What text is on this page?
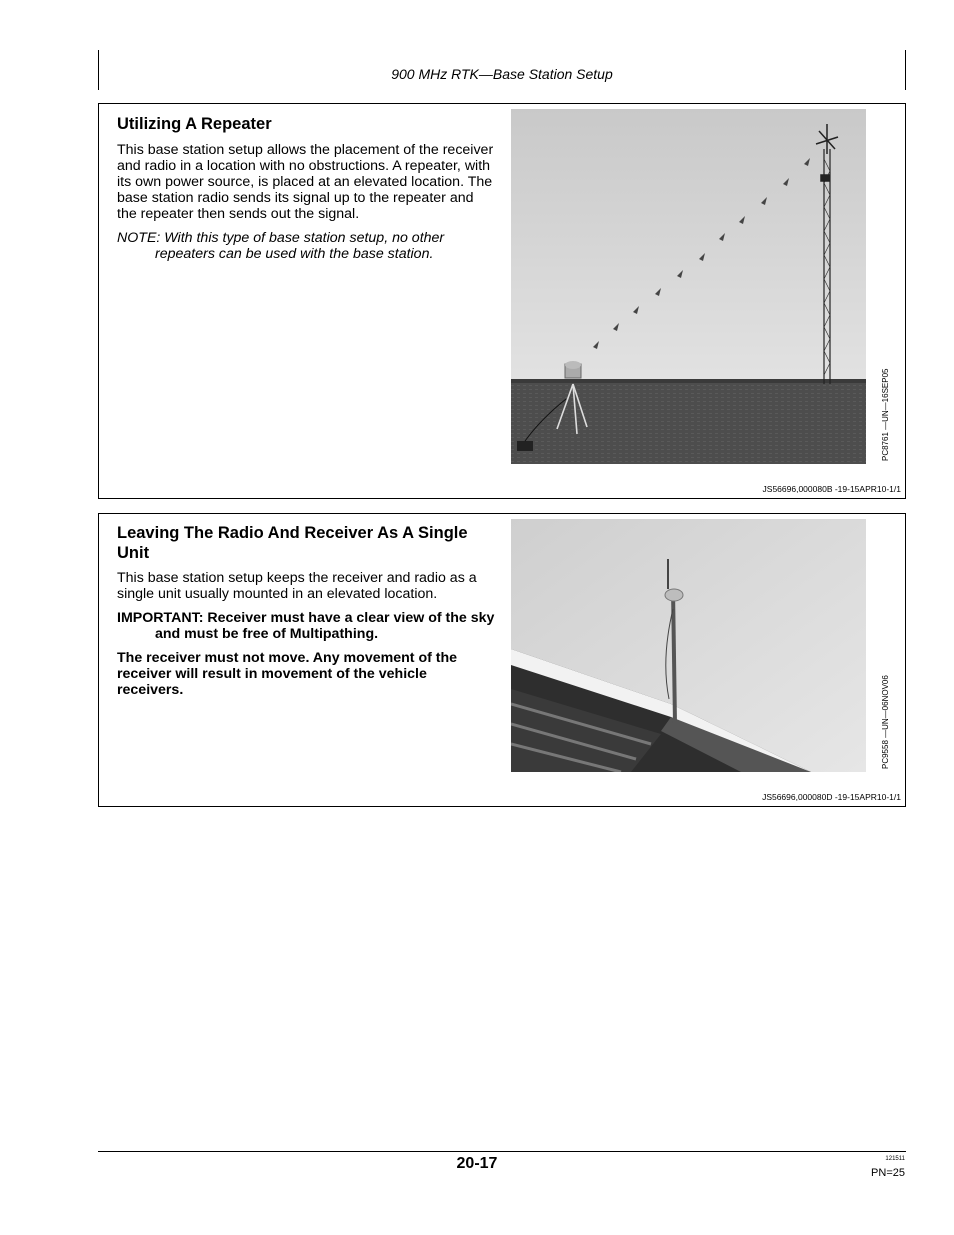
900 MHz RTK—Base Station Setup
Utilizing A Repeater

This base station setup allows the placement of the receiver and radio in a location with no obstructions. A repeater, with its own power source, is placed at an elevated location. The base station radio sends its signal up to the repeater and the repeater then sends out the signal.

NOTE: With this type of base station setup, no other repeaters can be used with the base station.

PC8761 —UN—16SEP05
JS56696,000080B -19-15APR10-1/1
Leaving The Radio And Receiver As A Single Unit

This base station setup keeps the receiver and radio as a single unit usually mounted in an elevated location.

IMPORTANT: Receiver must have a clear view of the sky and must be free of Multipathing.

The receiver must not move. Any movement of the receiver will result in movement of the vehicle receivers.	PC9558 —UN—06NOV06
JS56696,000080D -19-15APR10-1/1
20-17	121511
PN=25
